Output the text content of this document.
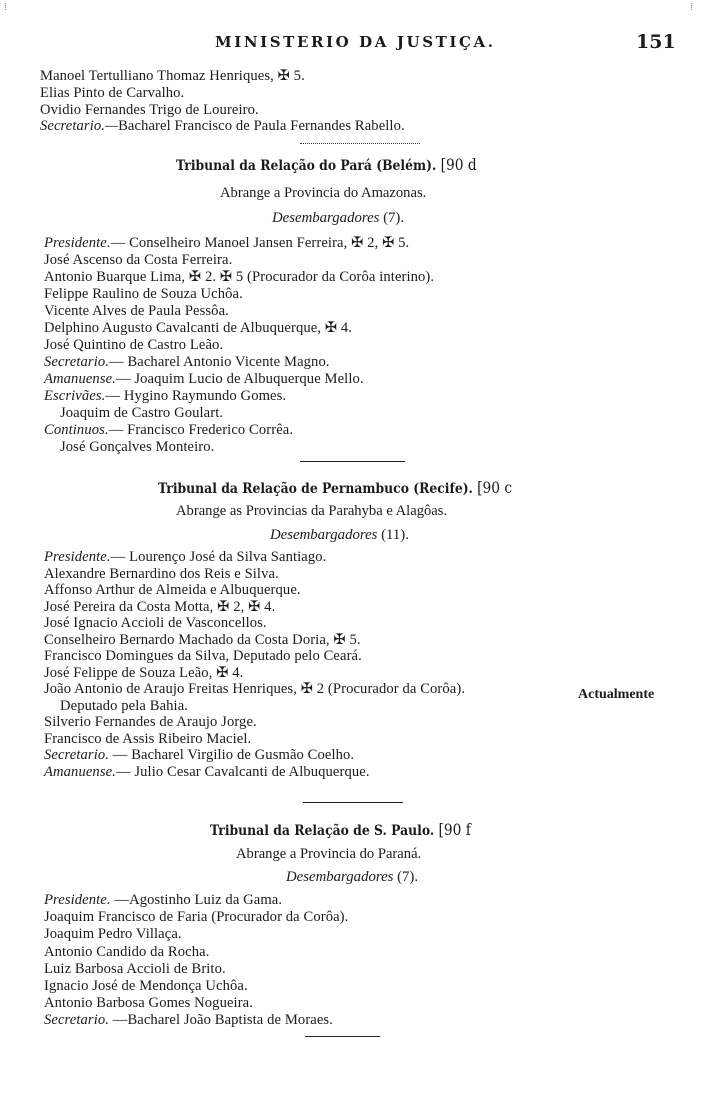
MINISTERIO DA JUSTIÇA.	151
Manoel Tertulliano Thomaz Henriques, ✠ 5.
Elias Pinto de Carvalho.
Ovidio Fernandes Trigo de Loureiro.
Secretario.—Bacharel Francisco de Paula Fernandes Rabello.
Tribunal da Relação do Pará (Belém). [90 d
Abrange a Provincia do Amazonas.
Desembargadores (7).
Presidente.— Conselheiro Manoel Jansen Ferreira, ✠ 2, ✠ 5.
José Ascenso da Costa Ferreira.
Antonio Buarque Lima, ✠ 2. ✠ 5 (Procurador da Corôa interino).
Felippe Raulino de Souza Uchôa.
Vicente Alves de Paula Pessôa.
Delphino Augusto Cavalcanti de Albuquerque, ✠ 4.
José Quintino de Castro Leão.
Secretario.— Bacharel Antonio Vicente Magno.
Amanuense.— Joaquim Lucio de Albuquerque Mello.
Escrivães.— Hygino Raymundo Gomes.
Joaquim de Castro Goulart.
Continuos.— Francisco Frederico Corrêa.
José Gonçalves Monteiro.
Tribunal da Relação de Pernambuco (Recife). [90 c
Abrange as Provincias da Parahyba e Alagôas.
Desembargadores (11).
Presidente.— Lourenço José da Silva Santiago.
Alexandre Bernardino dos Reis e Silva.
Affonso Arthur de Almeida e Albuquerque.
José Pereira da Costa Motta, ✠ 2, ✠ 4.
José Ignacio Accioli de Vasconcellos.
Conselheiro Bernardo Machado da Costa Doria, ✠ 5.
Francisco Domingues da Silva, Deputado pelo Ceará.
José Felippe de Souza Leão, ✠ 4.
João Antonio de Araujo Freitas Henriques, ✠ 2 (Procurador da Corôa).
Deputado pela Bahia.
Silverio Fernandes de Araujo Jorge.
Francisco de Assis Ribeiro Maciel.
Secretario. — Bacharel Virgilio de Gusmão Coelho.
Amanuense.— Julio Cesar Cavalcanti de Albuquerque.
Actualmente
Tribunal da Relação de S. Paulo. [90 f
Abrange a Provincia do Paraná.
Desembargadores (7).
Presidente. —Agostinho Luiz da Gama.
Joaquim Francisco de Faria (Procurador da Corôa).
Joaquim Pedro Villaça.
Antonio Candido da Rocha.
Luiz Barbosa Accioli de Brito.
Ignacio José de Mendonça Uchôa.
Antonio Barbosa Gomes Nogueira.
Secretario. —Bacharel João Baptista de Moraes.
⁞	⁞
